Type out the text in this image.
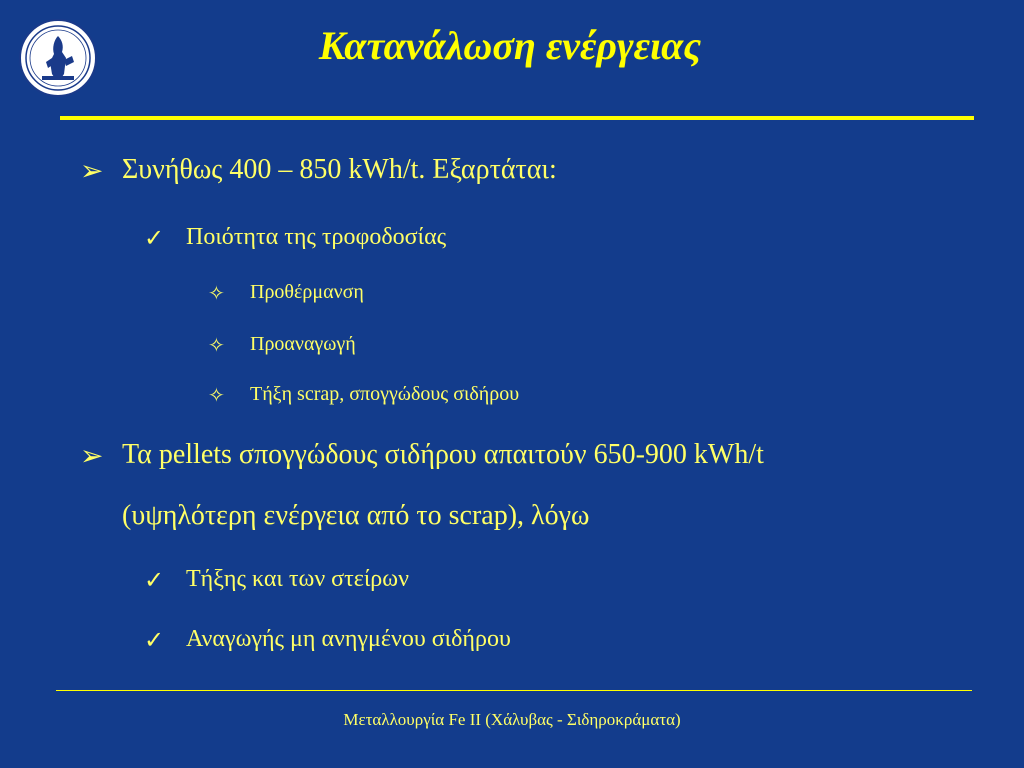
Κατανάλωση ενέργειας
➢ Συνήθως 400 – 850 kWh/t. Εξαρτάται:
✓ Ποιότητα της τροφοδοσίας
✧ Προθέρμανση
✧ Προαναγωγή
✧ Τήξη scrap, σπογγώδους σιδήρου
➢ Τα pellets σπογγώδους σιδήρου απαιτούν 650-900 kWh/t
(υψηλότερη ενέργεια από το scrap), λόγω
✓ Τήξης και των στείρων
✓ Αναγωγής μη ανηγμένου σιδήρου
Μεταλλουργία Fe II (Χάλυβας - Σιδηροκράματα)
